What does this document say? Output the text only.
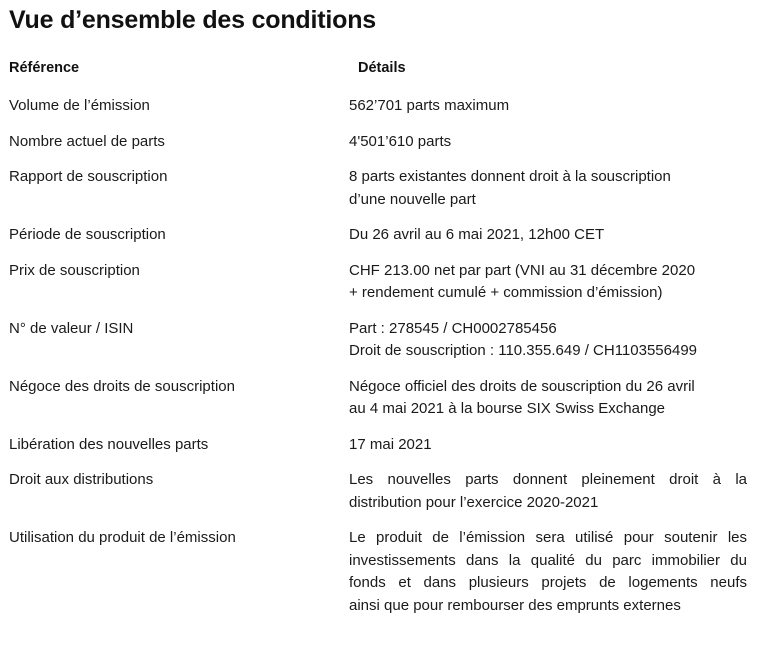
Vue d’ensemble des conditions
Référence	Détails
Volume de l’émission	562’701 parts maximum
Nombre actuel de parts	4'501’610 parts
Rapport de souscription	8 parts existantes donnent droit à la souscription
d’une nouvelle part
Période de souscription	Du 26 avril au 6 mai 2021, 12h00 CET
Prix de souscription	CHF 213.00 net par part (VNI au 31 décembre 2020
+ rendement cumulé + commission d’émission)
N° de valeur / ISIN	Part : 278545 / CH0002785456
Droit de souscription : 110.355.649 / CH1103556499
Négoce des droits de souscription	Négoce officiel des droits de souscription du 26 avril
au 4 mai 2021 à la bourse SIX Swiss Exchange
Libération des nouvelles parts	17 mai 2021
Droit aux distributions	Les nouvelles parts donnent pleinement droit à la
distribution pour l’exercice 2020-2021
Utilisation du produit de l’émission	Le produit de l’émission sera utilisé pour soutenir les
investissements dans la qualité du parc immobilier du
fonds et dans plusieurs projets de logements neufs
ainsi que pour rembourser des emprunts externes
